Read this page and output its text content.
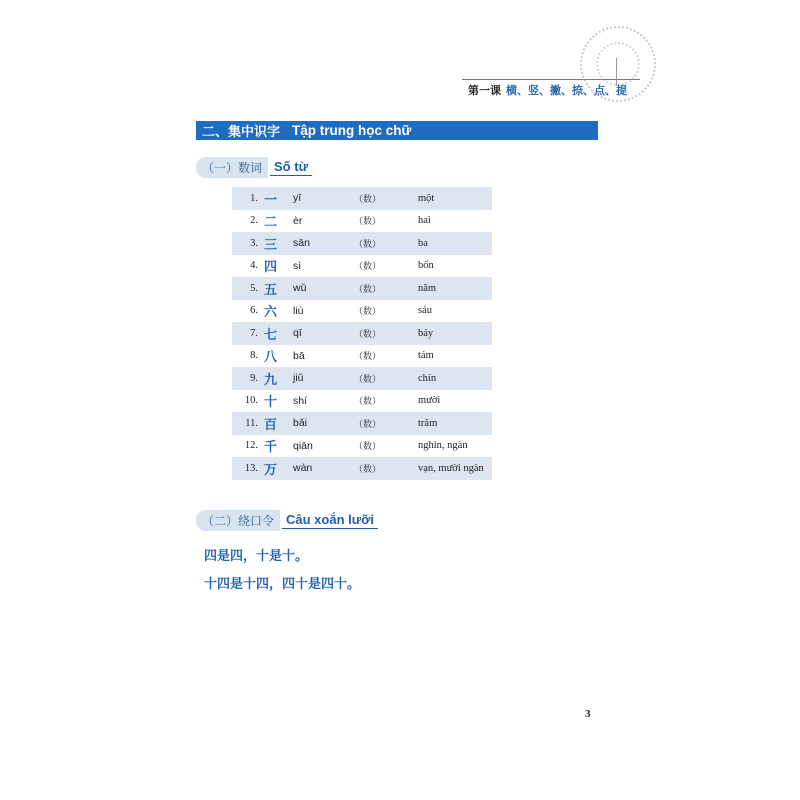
第一课 横、竖、撇、捺、点、提
二、集中识字 Tập trung học chữ
（一）数词 Số từ
1. 一 yī	（数）	một
2. 二 èr	（数）	hai
3. 三 sān	（数）	ba
4. 四 sì	（数）	bốn
5. 五 wǔ	（数）	năm
6. 六 liù	（数）	sáu
7. 七 qī	（数）	bảy
8. 八 bā	（数）	tám
9. 九 jiǔ	（数）	chín
10. 十 shí	（数）	mười
11. 百 bǎi	（数）	trăm
12. 千 qiān	（数）	nghìn, ngàn
13. 万 wàn	（数）	vạn, mười ngàn
（二）绕口令 Câu xoắn lưỡi
四是四，十是十。
十四是十四，四十是四十。
3
